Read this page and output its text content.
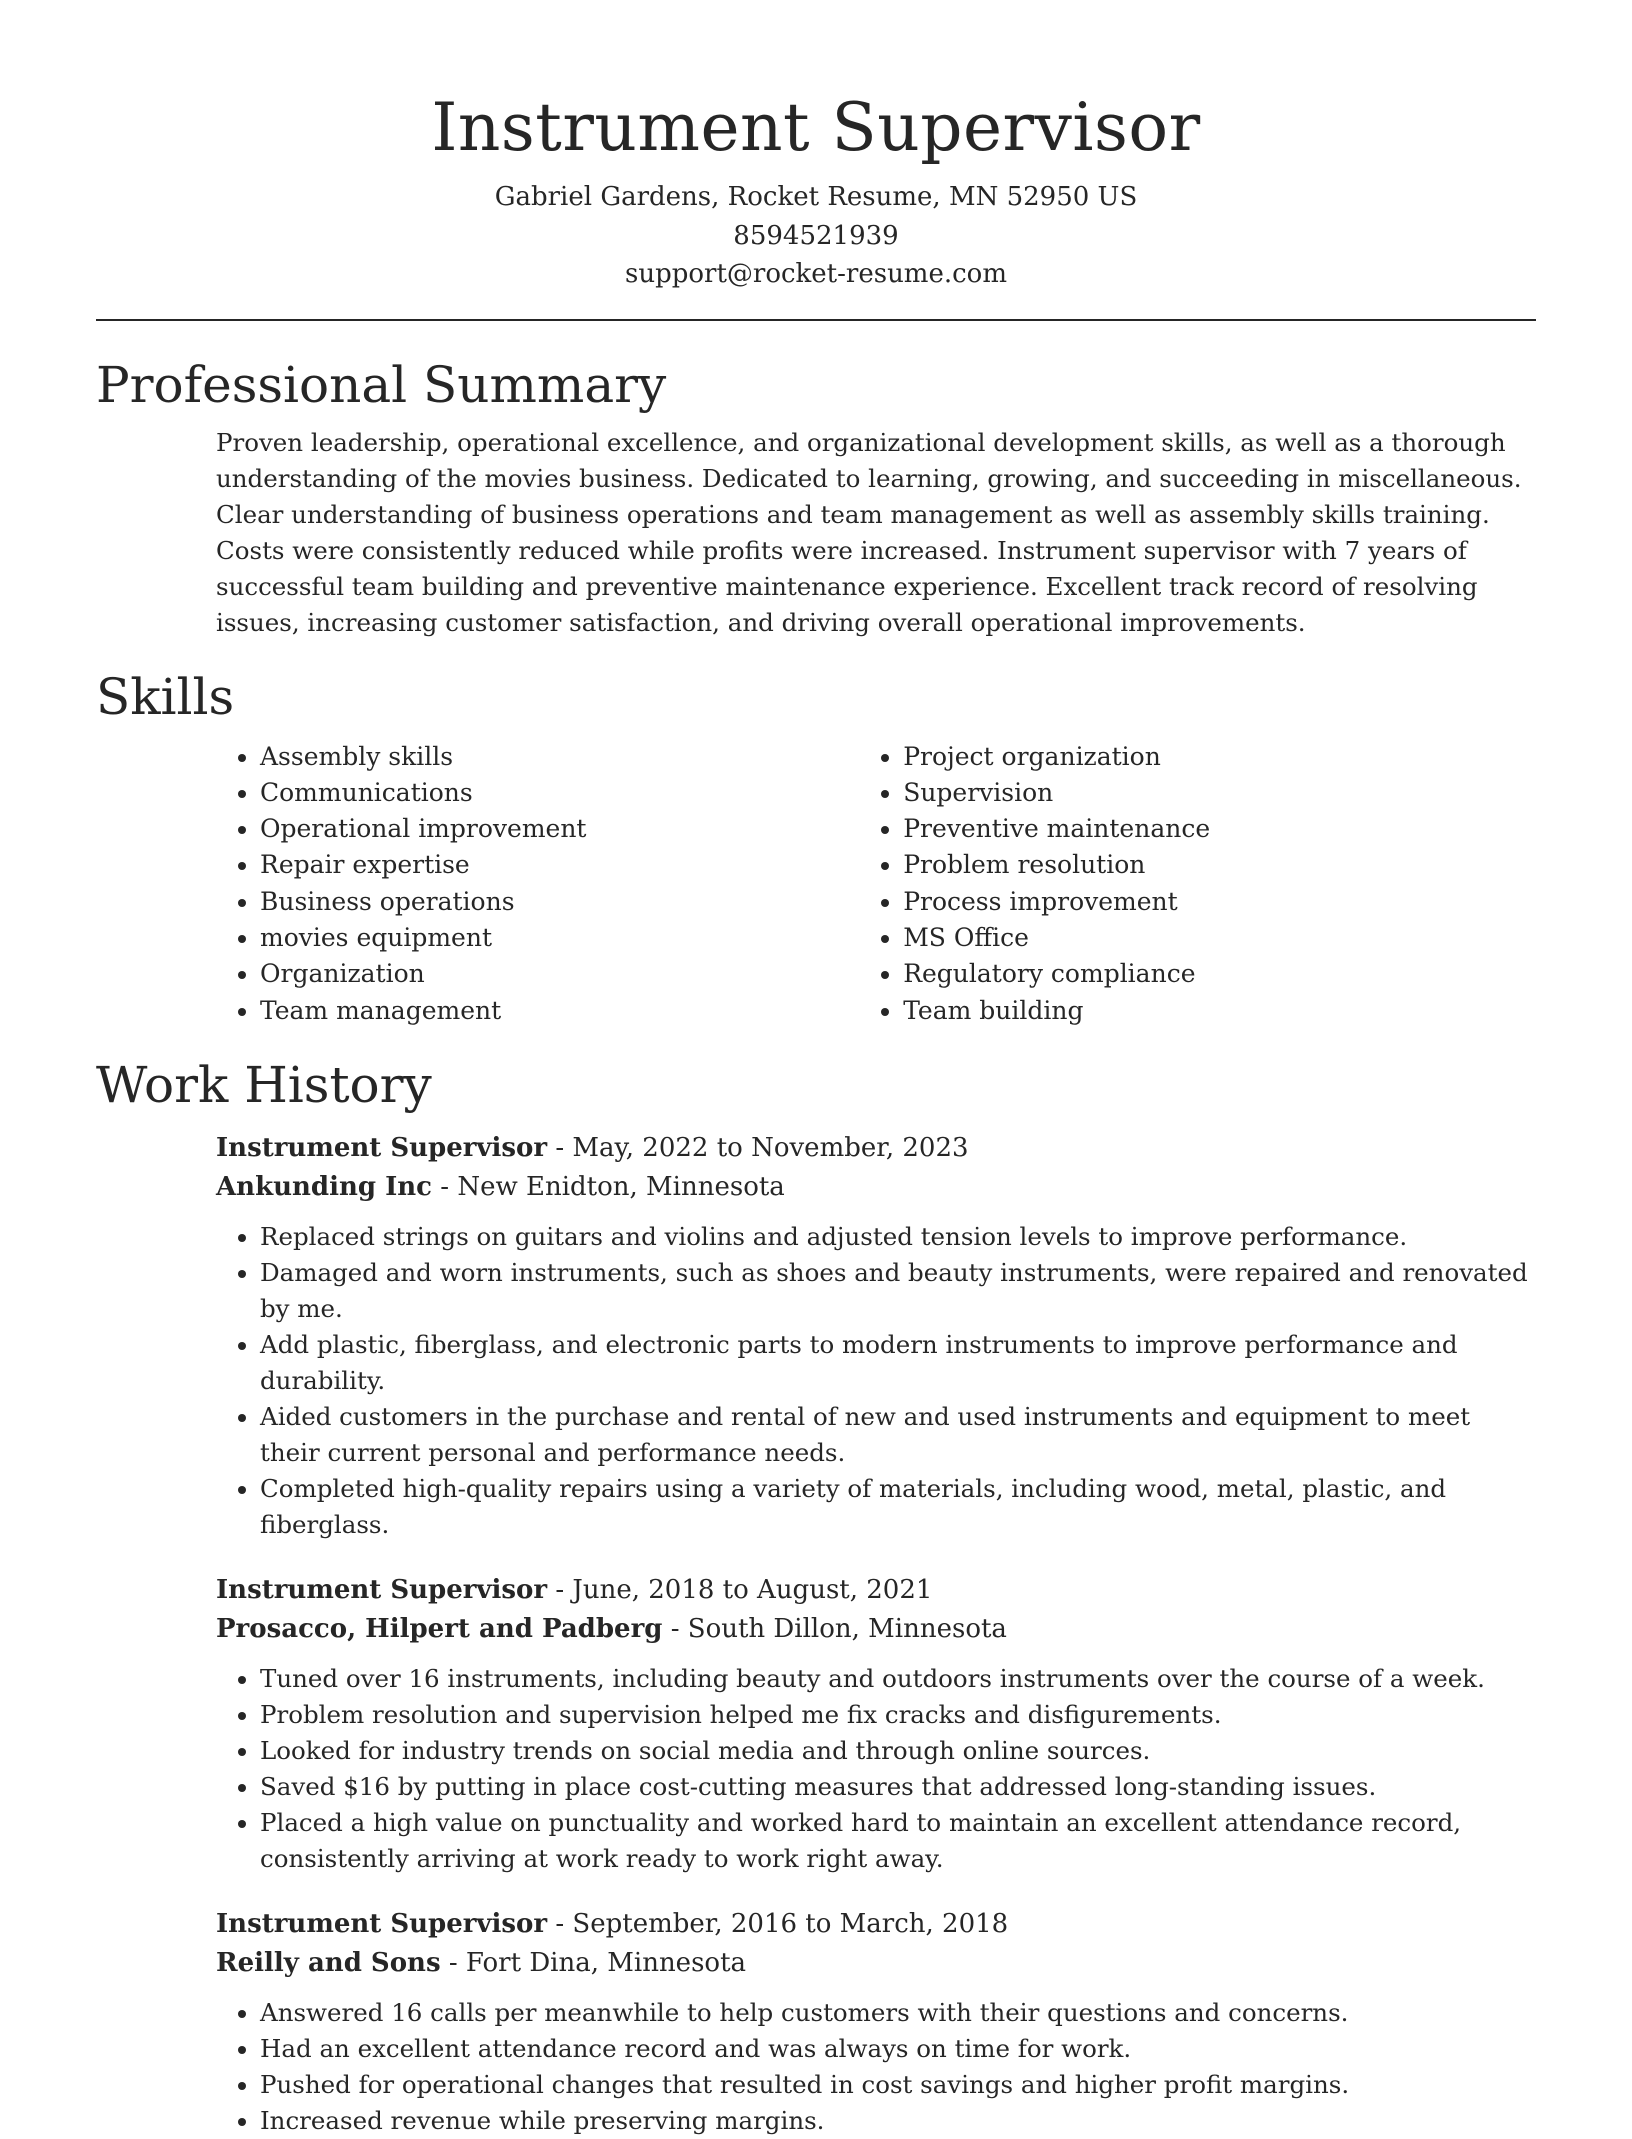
Instrument Supervisor
Gabriel Gardens, Rocket Resume, MN 52950 US
8594521939
support@rocket-resume.com
Professional Summary

Proven leadership, operational excellence, and organizational development skills, as well as a thorough understanding of the movies business. Dedicated to learning, growing, and succeeding in miscellaneous. Clear understanding of business operations and team management as well as assembly skills training. Costs were consistently reduced while profits were increased. Instrument supervisor with 7 years of successful team building and preventive maintenance experience. Excellent track record of resolving issues, increasing customer satisfaction, and driving overall operational improvements.

Skills
• Assembly skills
• Communications
• Operational improvement
• Repair expertise
• Business operations
• movies equipment
• Organization
• Team management
• Project organization
• Supervision
• Preventive maintenance
• Problem resolution
• Process improvement
• MS Office
• Regulatory compliance
• Team building
Work History
Instrument Supervisor - May, 2022 to November, 2023
Ankunding Inc - New Enidton, Minnesota
• Replaced strings on guitars and violins and adjusted tension levels to improve performance.
• Damaged and worn instruments, such as shoes and beauty instruments, were repaired and renovated by me.
• Add plastic, fiberglass, and electronic parts to modern instruments to improve performance and durability.
• Aided customers in the purchase and rental of new and used instruments and equipment to meet their current personal and performance needs.
• Completed high-quality repairs using a variety of materials, including wood, metal, plastic, and fiberglass.
Instrument Supervisor - June, 2018 to August, 2021
Prosacco, Hilpert and Padberg - South Dillon, Minnesota
• Tuned over 16 instruments, including beauty and outdoors instruments over the course of a week.
• Problem resolution and supervision helped me fix cracks and disfigurements.
• Looked for industry trends on social media and through online sources.
• Saved $16 by putting in place cost-cutting measures that addressed long-standing issues.
• Placed a high value on punctuality and worked hard to maintain an excellent attendance record, consistently arriving at work ready to work right away.
Instrument Supervisor - September, 2016 to March, 2018
Reilly and Sons - Fort Dina, Minnesota
• Answered 16 calls per meanwhile to help customers with their questions and concerns.
• Had an excellent attendance record and was always on time for work.
• Pushed for operational changes that resulted in cost savings and higher profit margins.
• Increased revenue while preserving margins.
